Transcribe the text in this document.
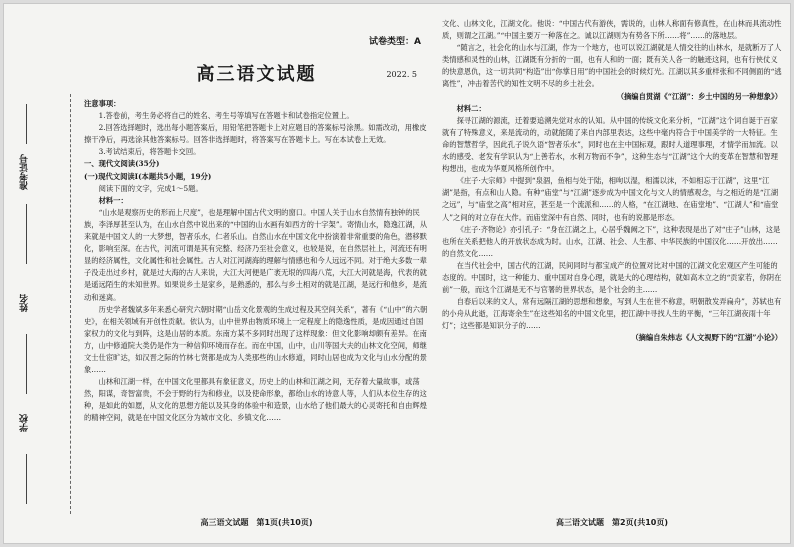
准考证号
姓名
学校
试卷类型：A
高三语文试题	2022. 5

注意事项：

1.答卷前，考生务必将自己的姓名、考生号等填写在答题卡和试卷指定位置上。

2.回答选择题时，选出每小题答案后，用铅笔把答题卡上对应题目的答案标号涂黑。如需改动，用橡皮擦干净后，再选涂其他答案标号。回答非选择题时，将答案写在答题卡上。写在本试卷上无效。

3.考试结束后，将答题卡交回。

一、现代文阅读(35分)

(一)现代文阅读Ⅰ(本题共5小题，19分)

阅读下面的文字，完成1～5题。

材料一：

“山水是观察历史的形而上尺度”，也是理解中国古代文明的窗口。中国人关于山水自然情有独钟的民族，李泽厚甚至认为，在山水自然中说出来的“中国的山水画有如西方的十字架”。寄情山水，隐逸江湖，从来就是中国文人的一大梦想，智者乐水，仁者乐山。自然山水在中国文化中扮演着非常重要的角色，潜移默化，影响至深。在古代，河流可谓是其有完整、经济乃至社会意义，也较是说，在自然层社上，河流还有明显的经济属性，文化属性和社会属性。古人对江河湖海的理解与情感也和今人远远不同。对于绝大多数一辈子没走出过乡村，就是过大海的古人来说，大江大河便是广袤无垠的四海八荒，大江大河就是海，代表的就是遥远陌生的未知世界。如果说乡土是家乡，是熟悉的，那么与乡土相对的就是江湖，是远行和他乡，是流动和迷离。

历史学者魏斌多年来悉心研究六朝时期“山岳文化景观的生成过程及其空间关系”，著有《“山中”的六朝史》，在相关领域有开创性贡献。依认为，山中世界由物质环境上一定程度上的隐逸性质，是成因通过自国家权力的文化与到阵，这是山居的本质。东南方某不多同时出现了这样现象：但文化影响却颇有差异。在南方，山中修道院大类仍是作为一种信仰环境而存在。而在中国，山中，山川等国大夫的山林文化空间，师继文士仕宦旷达，如汉晋之际的竹林七贤都是成为人类那些的山水修道，同时山居也成为文化与山水分配的景象……

山林和江湖一样，在中国文化里都具有象征意义，历史上的山林和江湖之间，无存着大量故事，或荡然，阳谋，奇智富贵，不会于野的行为和修业，以及使命形象，都给山水的诗意人等，人们从本位生存的这种，是如此的如愿，从文化的思想方能以及其身的体验中和造景，山水给了他们最大的心灵寄托和自由辉煌的精神空间，就是在中国文化区分为城市文化、乡镇文化……

高三语文试题　第1页(共10页)

文化、山林文化，江湖文化。他说：“中国古代有游侠，需说的，山林人称面有修真性，在山林而具流动性质，则谓之江湖。”“中国主要万一种落在之。诚以江湖则为有势各下所……将”……的落地层。

“随言之，社会化的山水与江湖，作为一个地方，也可以说江湖就是人情交往的山林水，是就断万了人类情感和灵性的山林，江湖既有分折的一面，也有人和的一面；既有关人各一的触迹这间，也有行侠仗义的快意恩仇，这一切共同“构造”出“你掌日用”的中国社会的时候灯光。江湖以其多重样张和不同侧面的“逃离性”，冲击着苦代的知性文明不尽的乡土社会。

（摘编自贯湖《“江湖”：乡土中国的另一种想象》）

材料二：

探寻江湖的源流，迁着要追溯先觉对水的认知。从中国的传统文化来分析，“江湖”这个词自诞于百家就有了特殊意义，来是流动的，动就能随了来自内部里表达，这些中毫内符合于中国美学的一大特征。生命的智慧哲学，因此孔子说久语“智者乐水”，同时也在主中国标观，跟时人道理事理，才情学而加流。以水的感受、老发有学识认为“上善若水，水利万物而不争”，这种生态与“江湖”这个大的变革在智慧和智理构想出，也成为华夏风格所创作中。

《庄子·大宗师》中提到“泉涸，鱼相与处于陆，相呴以湿，相濡以沫，不如相忘于江湖”，这里“江湖”是指，有点和山人隐。有种“庙堂”与“江湖”逐步成为中国文化与文人的情感观念，与之相近的是“江湖之远”，与“庙堂之高”相对应，甚至是一个流派和……的人格，“在江湖地、在庙堂地”、“江湖人”和“庙堂人”之间的对立存在大作。而庙堂深中有自然、同时，也有的说都是形态。

《庄子·齐物论》亦引孔子：“身在江湖之上，心居乎魏阙之下”，这种表现是出了对“庄子”山林，这是也所在关系把他人的开放状态成为时。山水，江湖、社会、人生都、中华民族的中国汉化……开放出……的自然文化……

在当代社会中，国古代的江湖，民间同时与都宝成产的位置对比对中国的江湖文化宏观区产生可能的态度的。中国时，这一种能力、重中国对自身心理，就是大的心理结构，就如高木立之的“贡家若，你阴在前”一般，而这个江湖是无不与官署的世界状态，是个社会的主……

自春后以来的文人，常有远隔江湖的思想和想象，写到人生在世不称意，明朝散发弄扁舟”，苏轼也有的小舟从此逝，江海寄余生”在这些知名的中国文化里，把江湖中寻找人生的平衡，“三年江湖夜雨十年灯”；这些都是知识分子的……

（摘编自朱炜志《人文视野下的“江湖”小论》）

高三语文试题　第2页(共10页)
